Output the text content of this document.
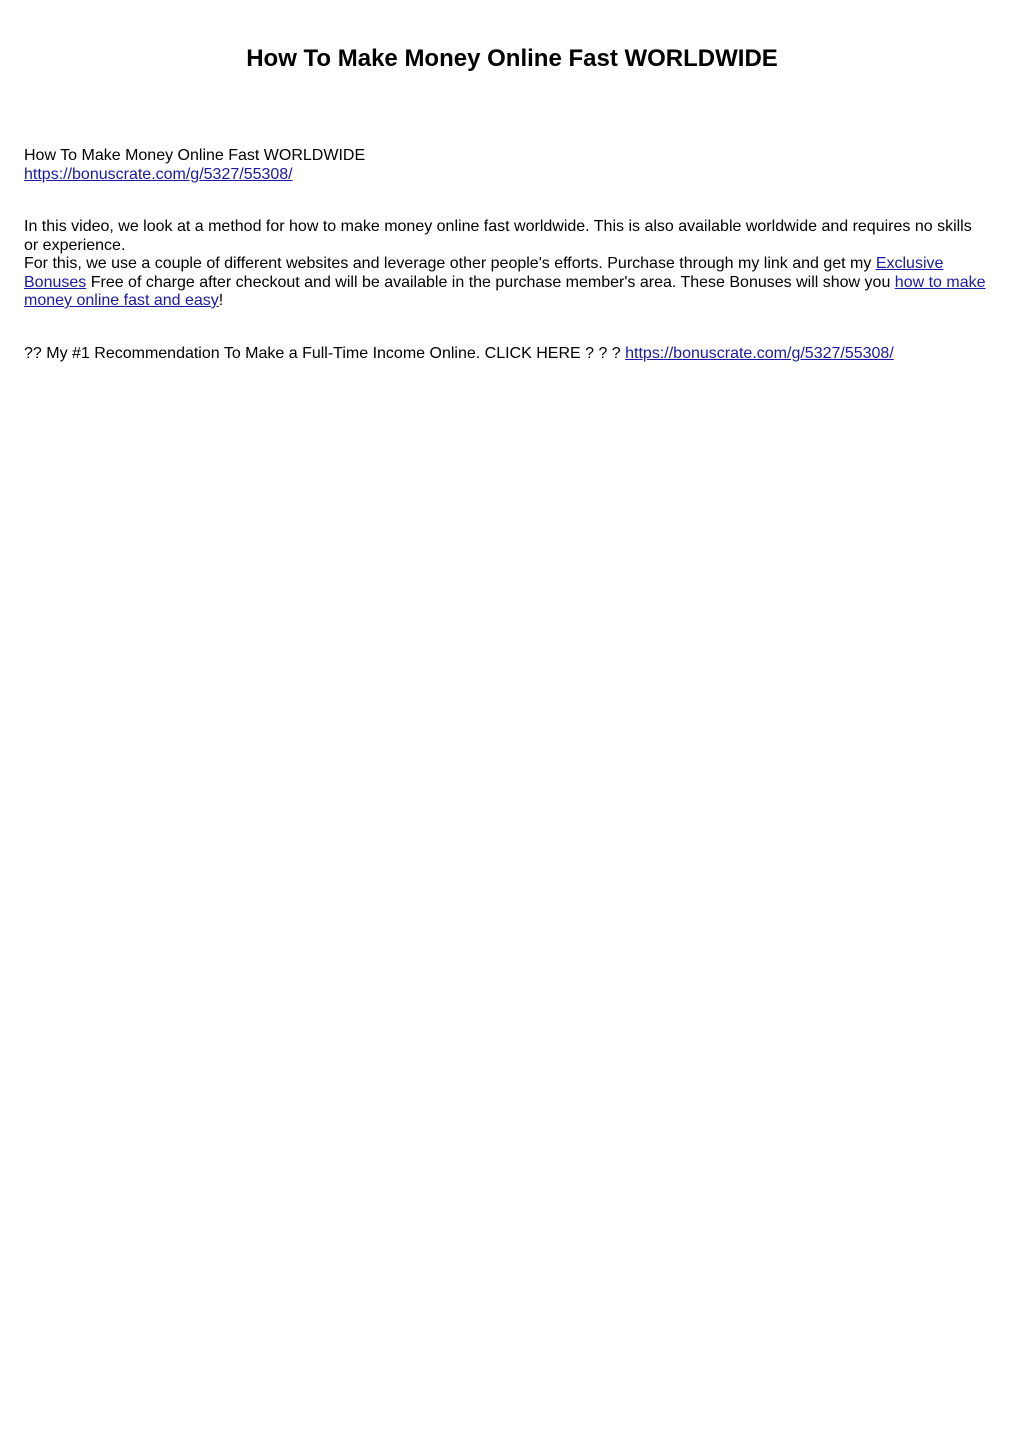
How To Make Money Online Fast WORLDWIDE

How To Make Money Online Fast WORLDWIDE
https://bonuscrate.com/g/5327/55308/

In this video, we look at a method for how to make money online fast worldwide. This is also available worldwide and requires no skills or experience.
For this, we use a couple of different websites and leverage other people's efforts. Purchase through my link and get my Exclusive Bonuses Free of charge after checkout and will be available in the purchase member's area. These Bonuses will show you how to make money online fast and easy!

?? My #1 Recommendation To Make a Full-Time Income Online. CLICK HERE ? ? ? https://bonuscrate.com/g/5327/55308/
